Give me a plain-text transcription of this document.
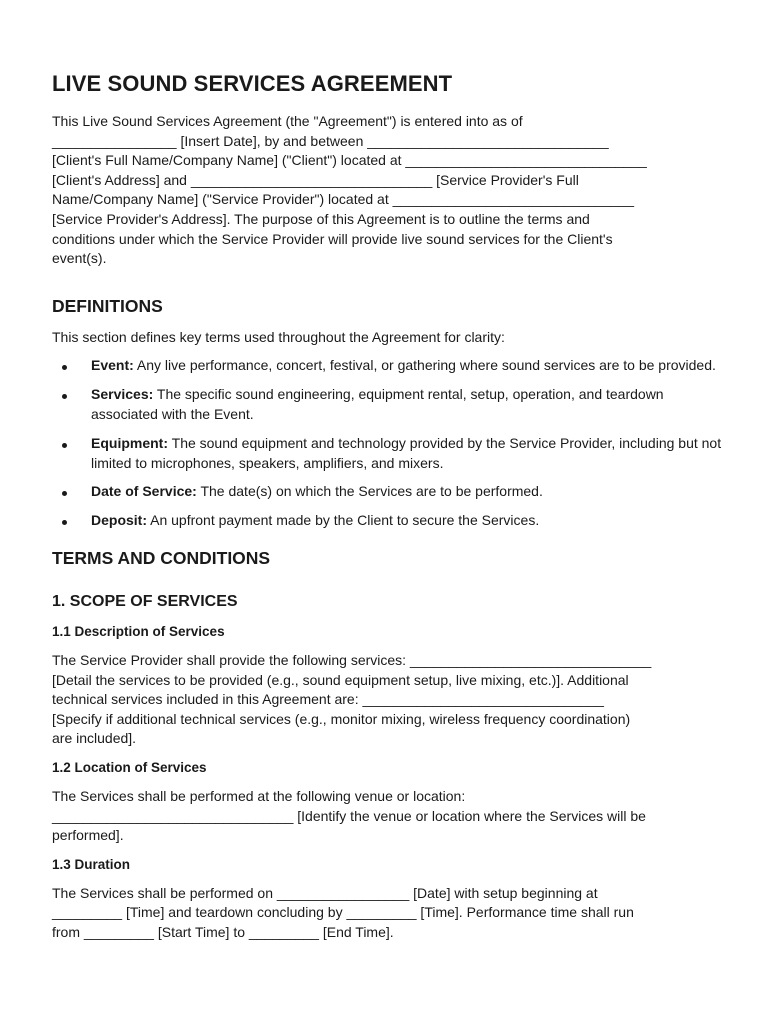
LIVE SOUND SERVICES AGREEMENT

This Live Sound Services Agreement (the "Agreement") is entered into as of
________________ [Insert Date], by and between _______________________________
[Client's Full Name/Company Name] ("Client") located at _______________________________
[Client's Address] and _______________________________ [Service Provider's Full
Name/Company Name] ("Service Provider") located at _______________________________
[Service Provider's Address]. The purpose of this Agreement is to outline the terms and
conditions under which the Service Provider will provide live sound services for the Client's
event(s).

DEFINITIONS

This section defines key terms used throughout the Agreement for clarity:

Event: Any live performance, concert, festival, or gathering where sound services are to be provided.
Services: The specific sound engineering, equipment rental, setup, operation, and teardown associated with the Event.
Equipment: The sound equipment and technology provided by the Service Provider, including but not limited to microphones, speakers, amplifiers, and mixers.
Date of Service: The date(s) on which the Services are to be performed.
Deposit: An upfront payment made by the Client to secure the Services.
TERMS AND CONDITIONS
1. SCOPE OF SERVICES
1.1 Description of Services

The Service Provider shall provide the following services: _______________________________
[Detail the services to be provided (e.g., sound equipment setup, live mixing, etc.)]. Additional
technical services included in this Agreement are: _______________________________
[Specify if additional technical services (e.g., monitor mixing, wireless frequency coordination)
are included].

1.2 Location of Services

The Services shall be performed at the following venue or location:
_______________________________ [Identify the venue or location where the Services will be
performed].

1.3 Duration

The Services shall be performed on _________________ [Date] with setup beginning at
_________ [Time] and teardown concluding by _________ [Time]. Performance time shall run
from _________ [Start Time] to _________ [End Time].
